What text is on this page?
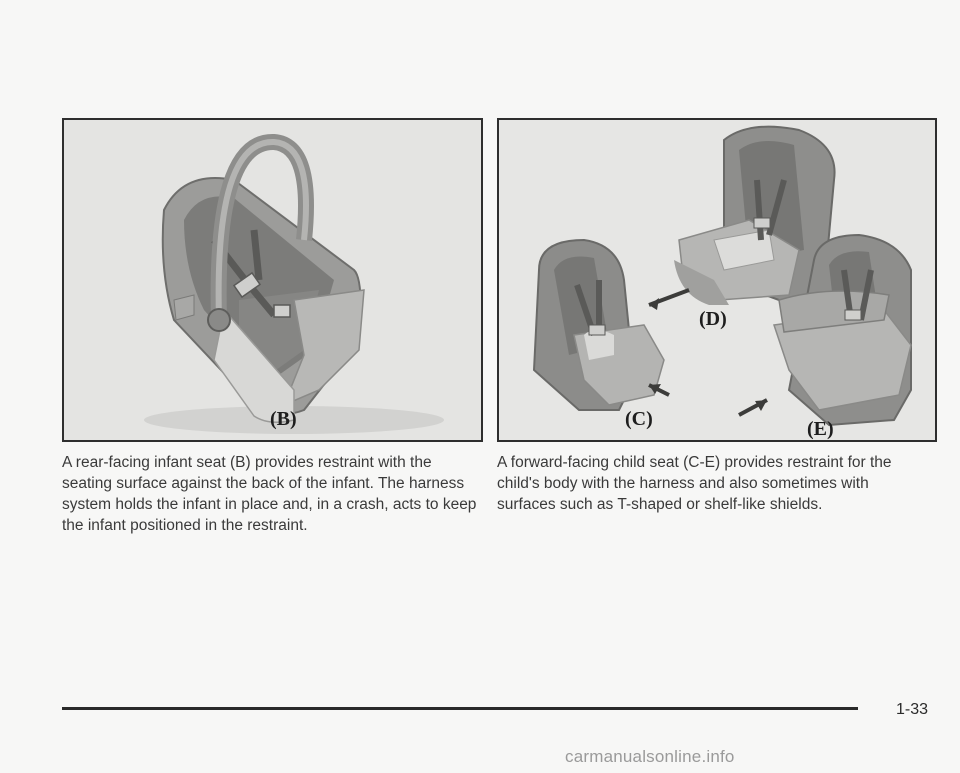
(B)
(D)
(C)	(E)

A rear-facing infant seat (B) provides restraint with the seating surface against the back of the infant. The harness system holds the infant in place and, in a crash, acts to keep the infant positioned in the restraint.

A forward-facing child seat (C-E) provides restraint for the child's body with the harness and also sometimes with surfaces such as T-shaped or shelf-like shields.

1-33
carmanualsonline.info
